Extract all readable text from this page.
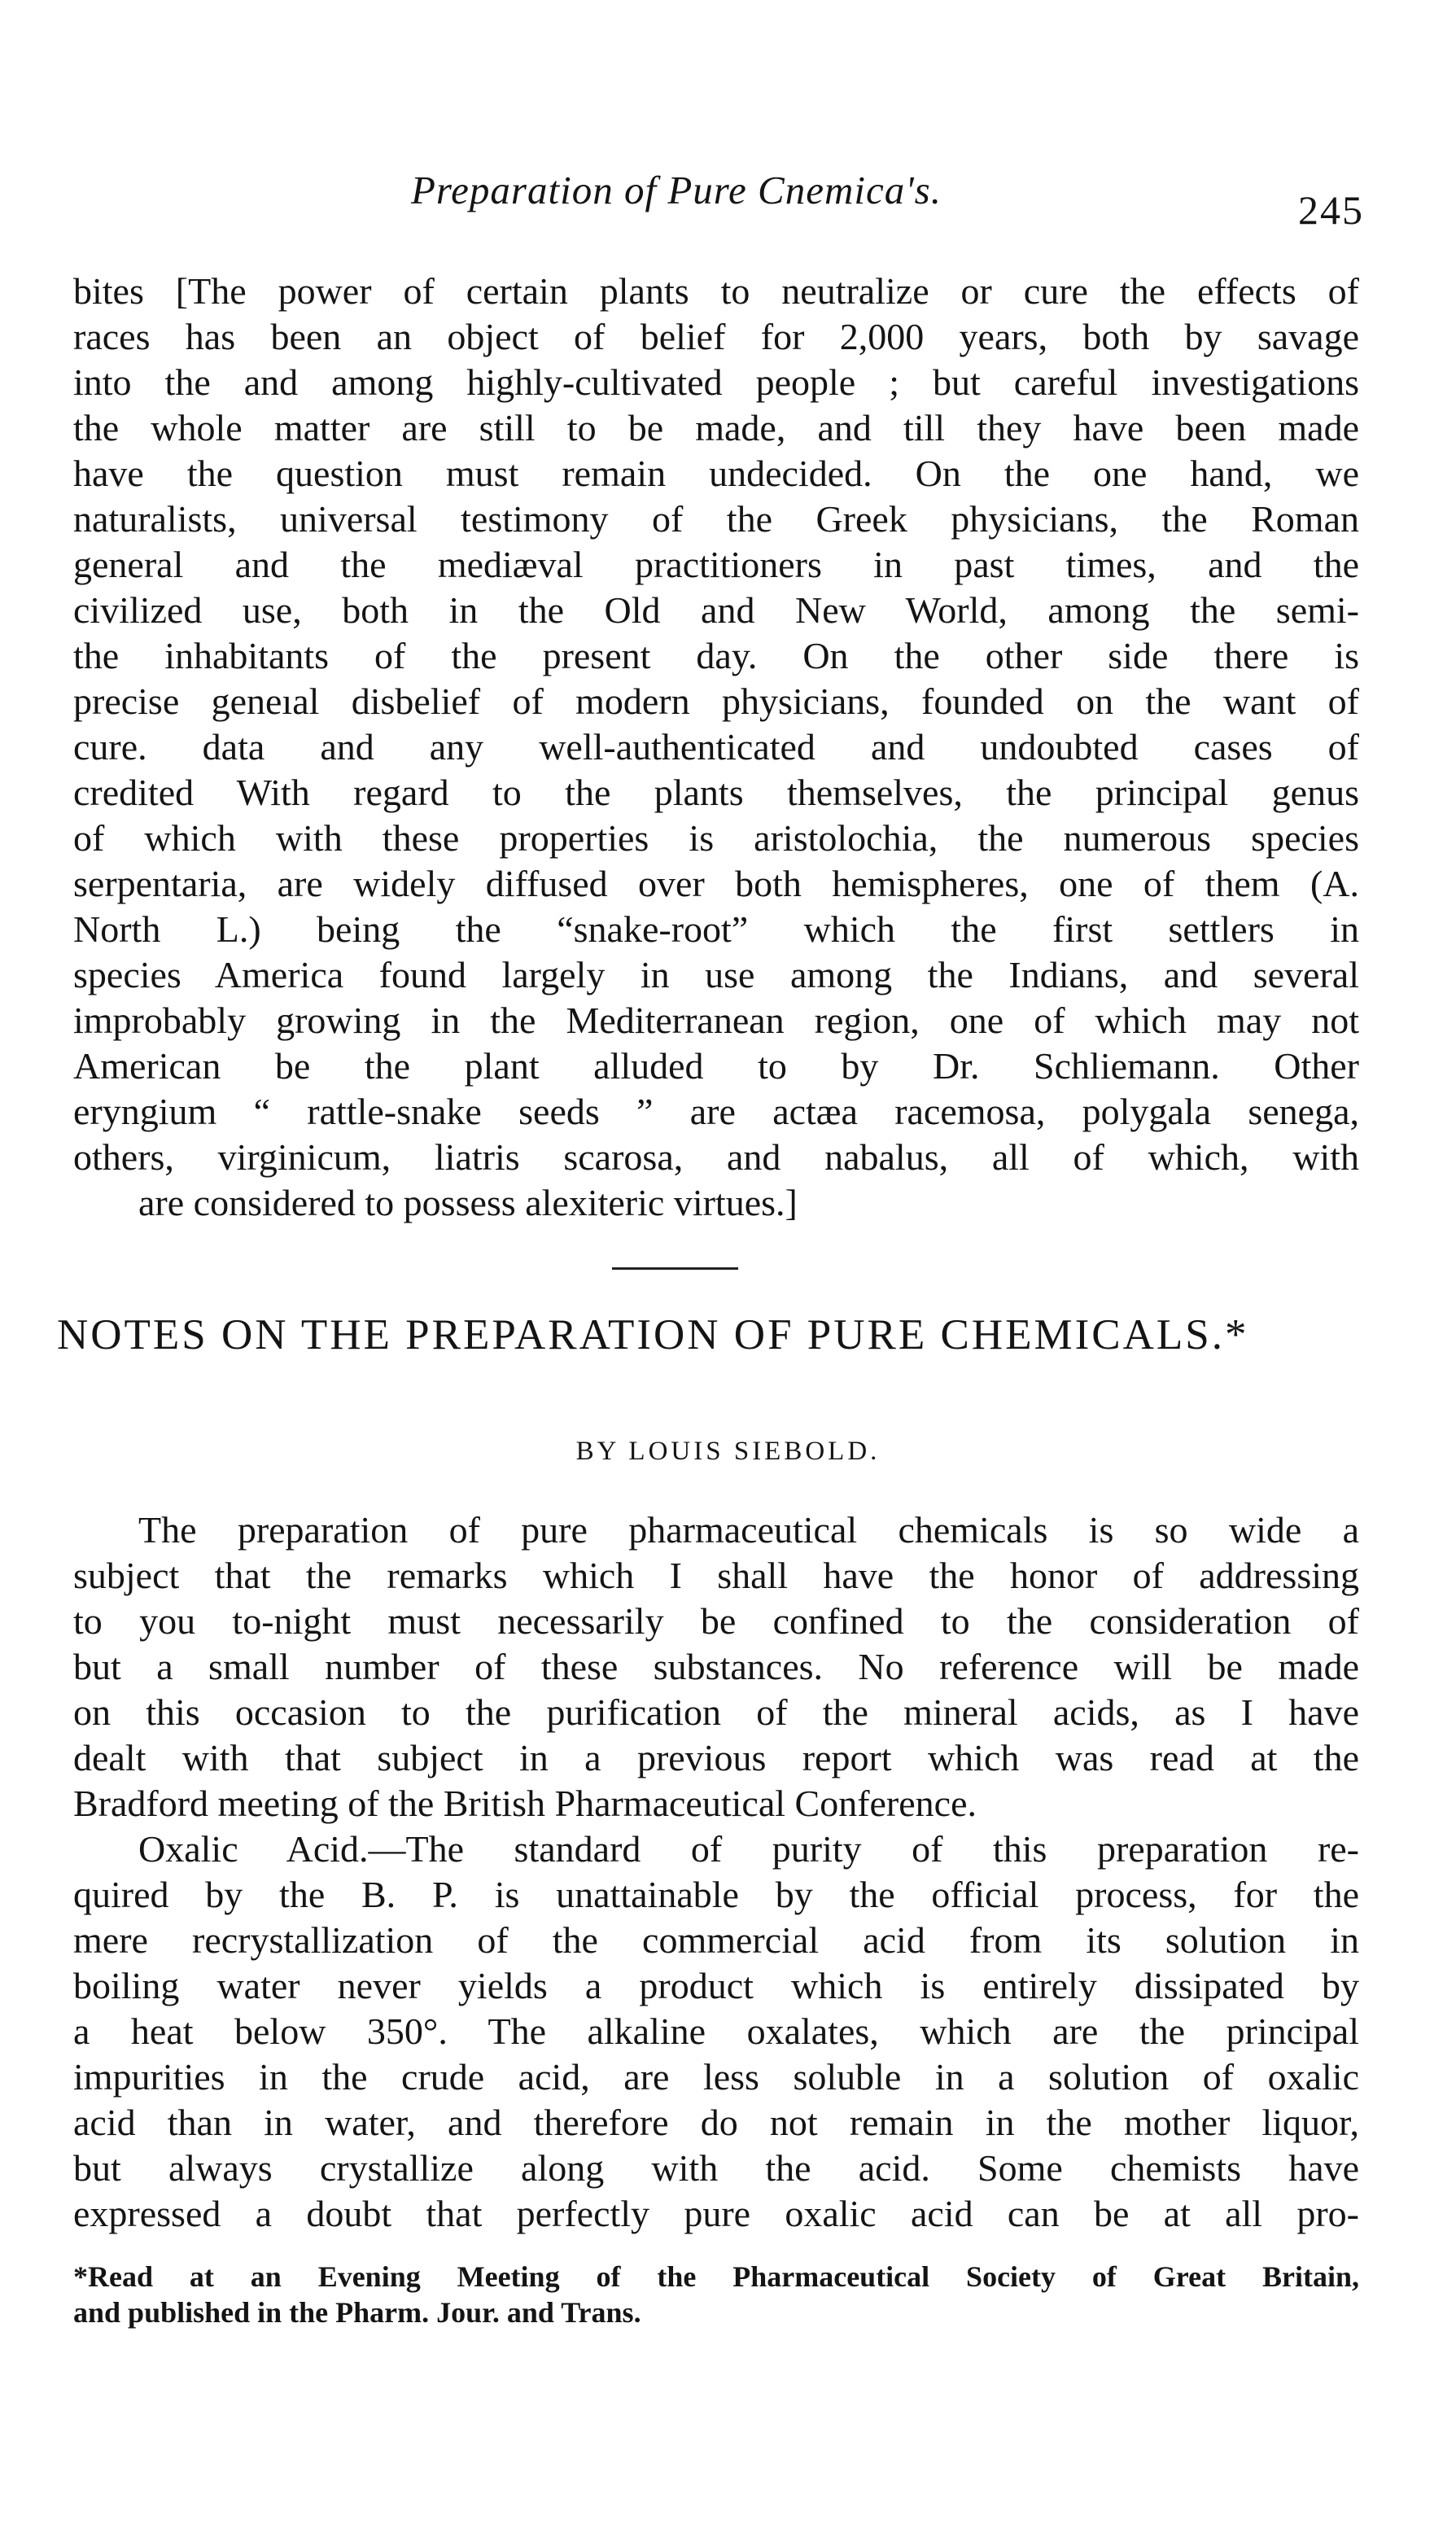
Preparation of Pure Cnemica's.	245
bites [The power of certain plants to neutralize or cure the effects of
races has been an object of belief for 2,000 years, both by savage
into the and among highly-cultivated people ; but careful investigations
the whole matter are still to be made, and till they have been made
have the question must remain undecided. On the one hand, we
naturalists, universal testimony of the Greek physicians, the Roman
general and the mediæval practitioners in past times, and the
civilized use, both in the Old and New World, among the semi-
the inhabitants of the present day. On the other side there is
precise geneıal disbelief of modern physicians, founded on the want of
cure. data and any well-authenticated and undoubted cases of
credited With regard to the plants themselves, the principal genus
of which with these properties is aristolochia, the numerous species
serpentaria, are widely diffused over both hemispheres, one of them (A.
North L.) being the “snake-root” which the first settlers in
species America found largely in use among the Indians, and several
improbably growing in the Mediterranean region, one of which may not
American be the plant alluded to by Dr. Schliemann. Other
eryngium “ rattle-snake seeds ” are actæa racemosa, polygala senega,
others, virginicum, liatris scarosa, and nabalus, all of which, with
are considered to possess alexiteric virtues.]
NOTES ON THE PREPARATION OF PURE CHEMICALS.*
BY LOUIS SIEBOLD.
The preparation of pure pharmaceutical chemicals is so wide a
subject that the remarks which I shall have the honor of addressing
to you to-night must necessarily be confined to the consideration of
but a small number of these substances. No reference will be made
on this occasion to the purification of the mineral acids, as I have
dealt with that subject in a previous report which was read at the
Bradford meeting of the British Pharmaceutical Conference.
Oxalic Acid.—The standard of purity of this preparation re-
quired by the B. P. is unattainable by the official process, for the
mere recrystallization of the commercial acid from its solution in
boiling water never yields a product which is entirely dissipated by
a heat below 350°. The alkaline oxalates, which are the principal
impurities in the crude acid, are less soluble in a solution of oxalic
acid than in water, and therefore do not remain in the mother liquor,
but always crystallize along with the acid. Some chemists have
expressed a doubt that perfectly pure oxalic acid can be at all pro-
*Read at an Evening Meeting of the Pharmaceutical Society of Great Britain,
and published in the Pharm. Jour. and Trans.
